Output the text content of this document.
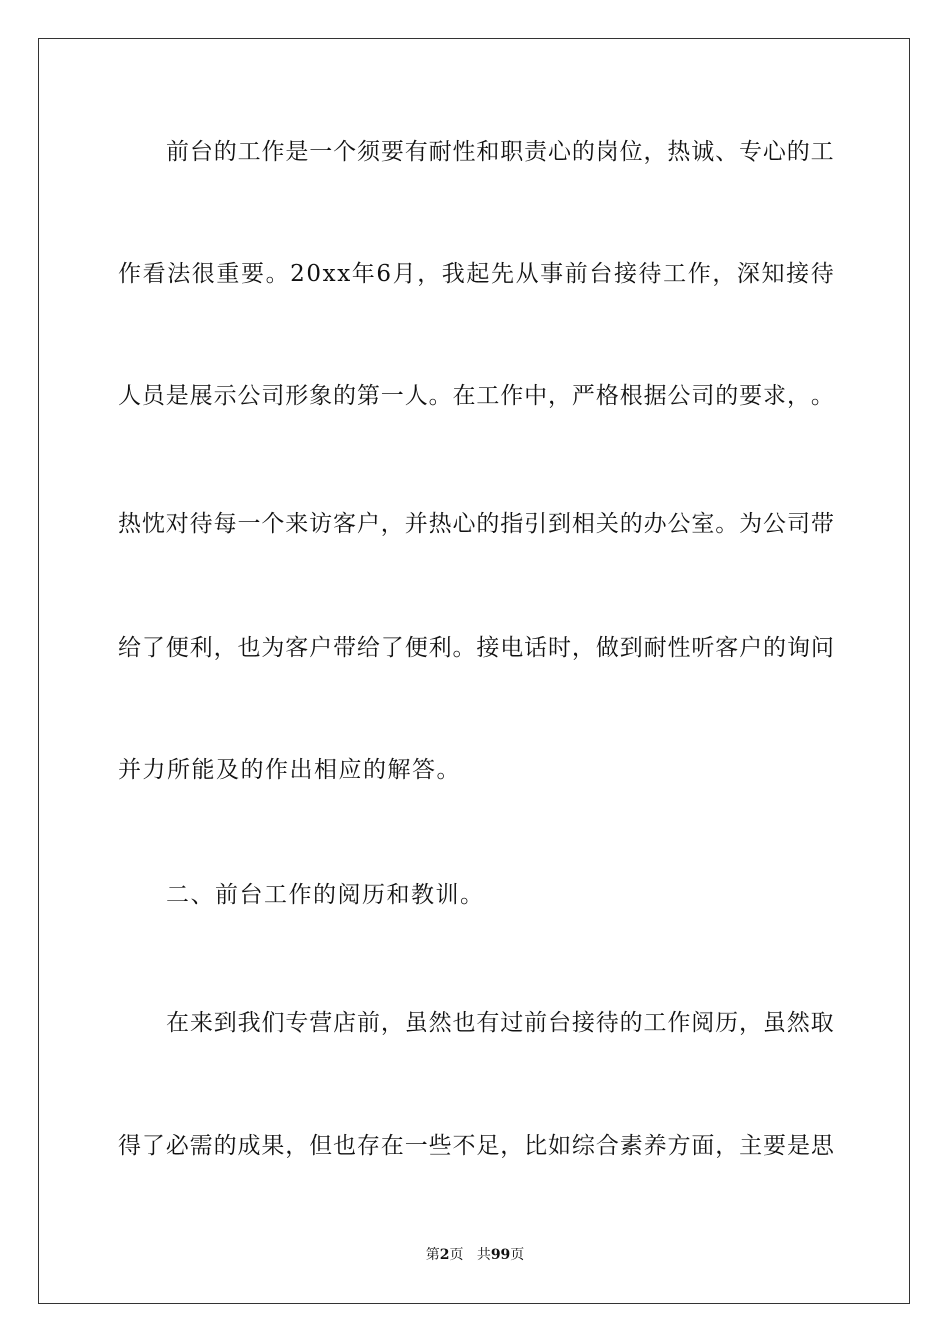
前 台 的 工 作 是 一 个 须 要 有 耐 性 和 职 责 心 的 岗 位 ， 热 诚 、 专 心 的 工
作 看 法 很 重 要 。 2 0 x x 年 6 月 ， 我 起 先 从 事 前 台 接 待 工 作 ， 深 知 接 待
人 员 是 展 示 公 司 形 象 的 第 一 人 。 在 工 作 中 ， 严 格 根 据 公 司 的 要 求 ， 。
热 忱 对 待 每 一 个 来 访 客 户 ， 并 热 心 的 指 引 到 相 关 的 办 公 室 。 为 公 司 带
给 了 便 利 ， 也 为 客 户 带 给 了 便 利 。 接 电 话 时 ， 做 到 耐 性 听 客 户 的 询 问
并力所能及的作出相应的解答。
二、前台工作的阅历和教训。
在 来 到 我 们 专 营 店 前 ， 虽 然 也 有 过 前 台 接 待 的 工 作 阅 历 ， 虽 然 取
得 了 必 需 的 成 果 ， 但 也 存 在 一 些 不 足 ， 比 如 综 合 素 养 方 面 ， 主 要 是 思
第2页 共99页
